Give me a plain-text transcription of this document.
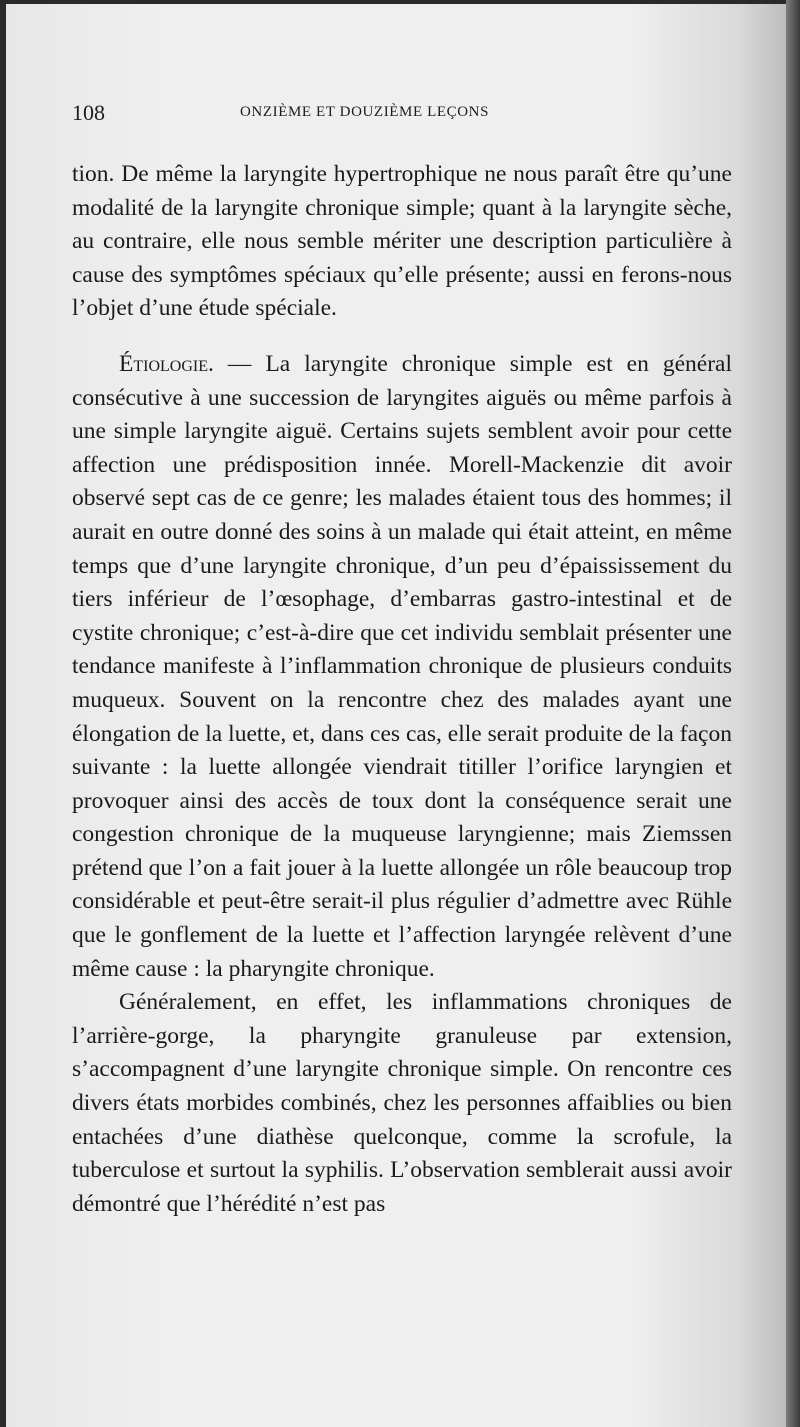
108	ONZIÈME ET DOUZIÈME LEÇONS

tion. De même la laryngite hypertrophique ne nous paraît être qu’une modalité de la laryngite chronique simple; quant à la laryngite sèche, au contraire, elle nous semble mériter une description particulière à cause des symptômes spéciaux qu’elle présente; aussi en ferons-nous l’objet d’une étude spéciale.

Étiologie. — La laryngite chronique simple est en général consécutive à une succession de laryngites aiguës ou même parfois à une simple laryngite aiguë. Certains sujets semblent avoir pour cette affection une prédisposition innée. Morell-Mackenzie dit avoir observé sept cas de ce genre; les malades étaient tous des hommes; il aurait en outre donné des soins à un malade qui était atteint, en même temps que d’une laryngite chronique, d’un peu d’épaississement du tiers inférieur de l’œsophage, d’embarras gastro-intestinal et de cystite chronique; c’est-à-dire que cet individu semblait présenter une tendance manifeste à l’inflammation chronique de plusieurs conduits muqueux. Souvent on la rencontre chez des malades ayant une élongation de la luette, et, dans ces cas, elle serait produite de la façon suivante : la luette allongée viendrait titiller l’orifice laryngien et provoquer ainsi des accès de toux dont la conséquence serait une congestion chronique de la muqueuse laryngienne; mais Ziemssen prétend que l’on a fait jouer à la luette allongée un rôle beaucoup trop considérable et peut-être serait-il plus régulier d’admettre avec Rühle que le gonflement de la luette et l’affection laryngée relèvent d’une même cause : la pharyngite chronique.

Généralement, en effet, les inflammations chroniques de l’arrière-gorge, la pharyngite granuleuse par extension, s’accompagnent d’une laryngite chronique simple. On rencontre ces divers états morbides combinés, chez les personnes affaiblies ou bien entachées d’une diathèse quelconque, comme la scrofule, la tuberculose et surtout la syphilis. L’observation semblerait aussi avoir démontré que l’hérédité n’est pas
